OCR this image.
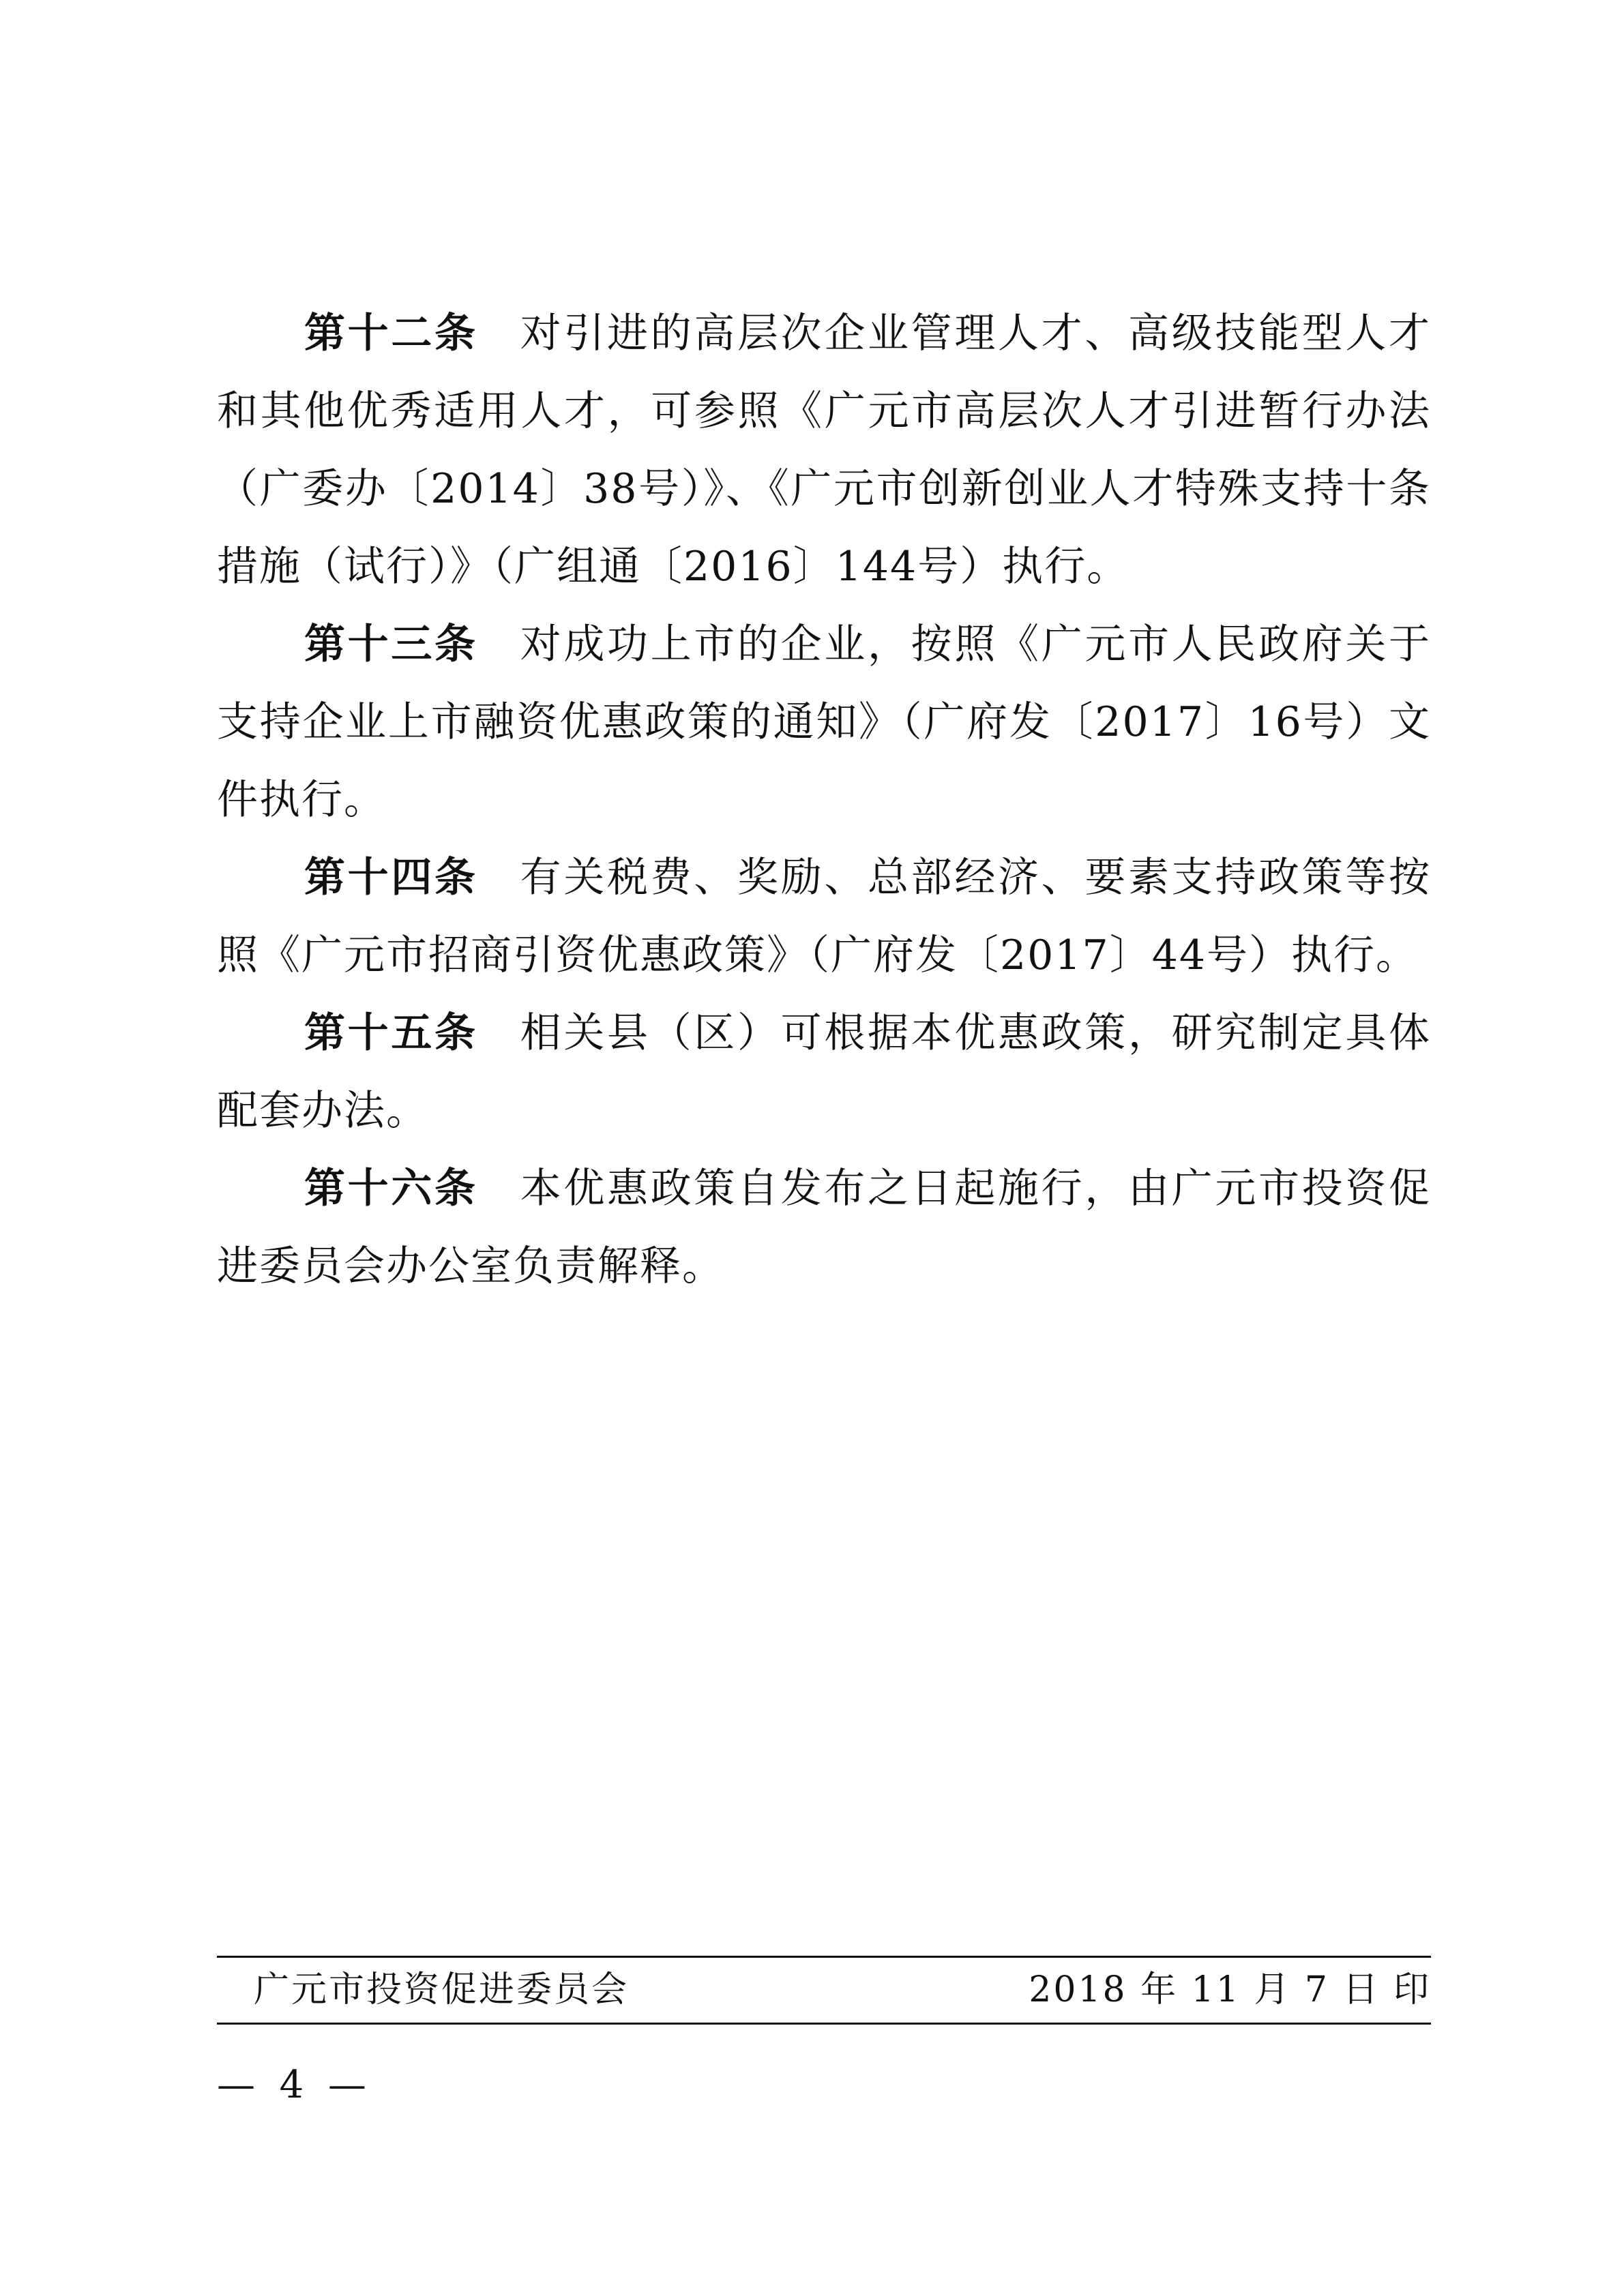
第十二条 对引进的高层次企业管理人才、高级技能型人才和其他优秀适用人才，可参照《广元市高层次人才引进暂行办法（广委办〔2014〕38号）》、《广元市创新创业人才特殊支持十条措施（试行）》（广组通〔2016〕144号）执行。

第十三条 对成功上市的企业，按照《广元市人民政府关于支持企业上市融资优惠政策的通知》（广府发〔2017〕16号）文件执行。

第十四条 有关税费、奖励、总部经济、要素支持政策等按照《广元市招商引资优惠政策》（广府发〔2017〕44号）执行。

第十五条 相关县（区）可根据本优惠政策，研究制定具体配套办法。

第十六条 本优惠政策自发布之日起施行，由广元市投资促进委员会办公室负责解释。

广元市投资促进委员会	2018 年 11 月 7 日 印
—  4  —
